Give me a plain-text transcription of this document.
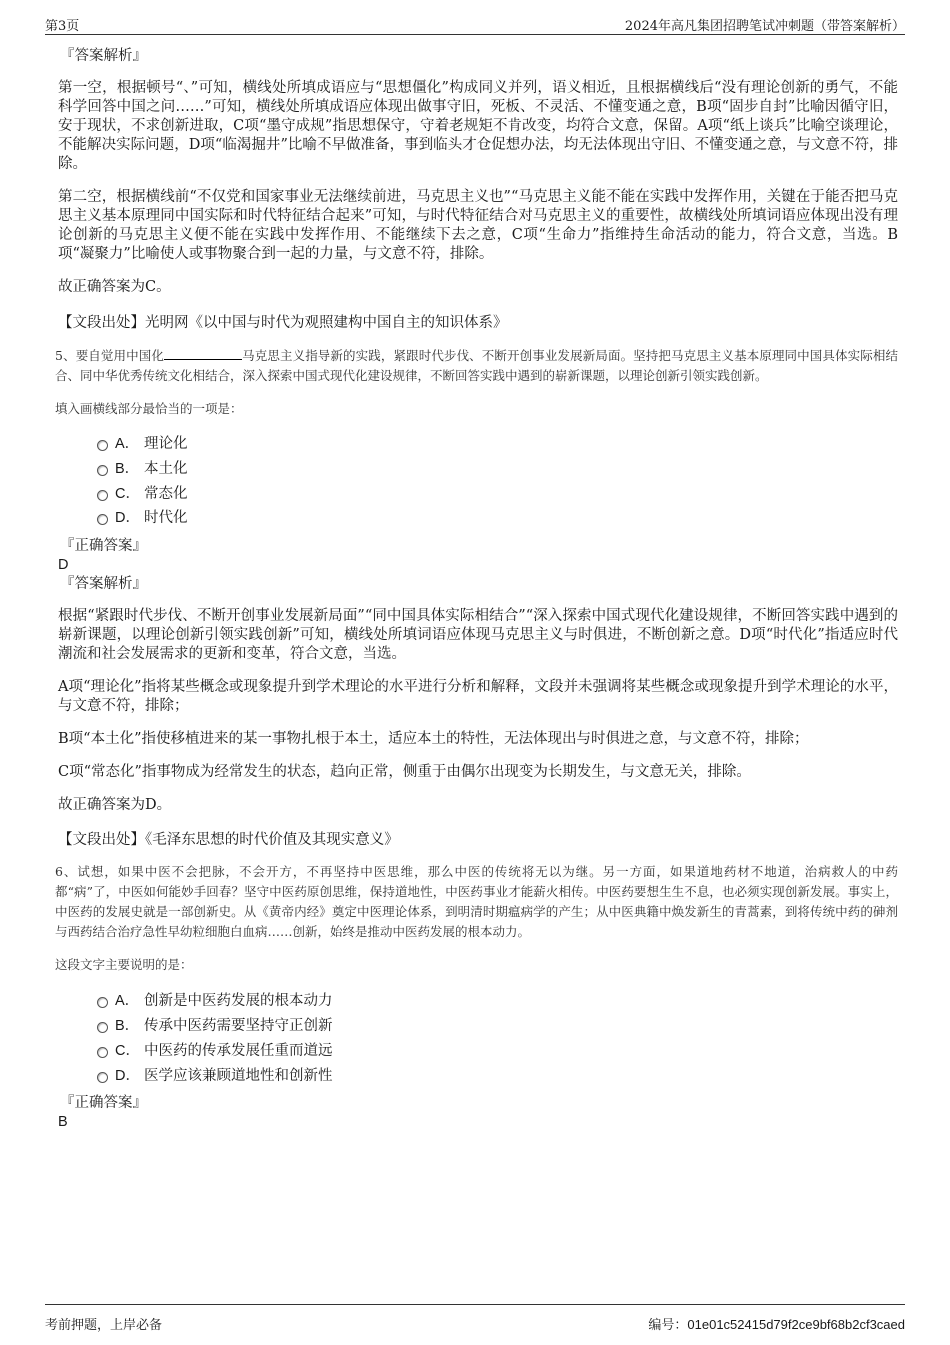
第3页	2024年高凡集团招聘笔试冲刺题（带答案解析）
『答案解析』

第一空，根据顿号“、”可知，横线处所填成语应与“思想僵化”构成同义并列，语义相近，且根据横线后“没有理论创新的勇气，不能科学回答中国之问……”可知，横线处所填成语应体现出做事守旧，死板、不灵活、不懂变通之意，B项“固步自封”比喻因循守旧，安于现状，不求创新进取，C项“墨守成规”指思想保守，守着老规矩不肯改变，均符合文意，保留。A项“纸上谈兵”比喻空谈理论，不能解决实际问题，D项“临渴掘井”比喻不早做准备，事到临头才仓促想办法，均无法体现出守旧、不懂变通之意，与文意不符，排除。

第二空，根据横线前“不仅党和国家事业无法继续前进，马克思主义也”“马克思主义能不能在实践中发挥作用，关键在于能否把马克思主义基本原理同中国实际和时代特征结合起来”可知，与时代特征结合对马克思主义的重要性，故横线处所填词语应体现出没有理论创新的马克思主义便不能在实践中发挥作用、不能继续下去之意，C项“生命力”指维持生命活动的能力，符合文意，当选。B项“凝聚力”比喻使人或事物聚合到一起的力量，与文意不符，排除。

故正确答案为C。

【文段出处】光明网《以中国与时代为观照建构中国自主的知识体系》

5、要自觉用中国化	马克思主义指导新的实践，紧跟时代步伐、不断开创事业发展新局面。坚持把马克思主义基本原理同中国具体实际相结合、同中华优秀传统文化相结合，深入探索中国式现代化建设规律，不断回答实践中遇到的崭新课题，以理论创新引领实践创新。

填入画横线部分最恰当的一项是：

A． 理论化
B． 本土化
C． 常态化
D． 时代化
『正确答案』
D
『答案解析』

根据“紧跟时代步伐、不断开创事业发展新局面”“同中国具体实际相结合”“深入探索中国式现代化建设规律，不断回答实践中遇到的崭新课题，以理论创新引领实践创新”可知，横线处所填词语应体现马克思主义与时俱进，不断创新之意。D项“时代化”指适应时代潮流和社会发展需求的更新和变革，符合文意，当选。

A项“理论化”指将某些概念或现象提升到学术理论的水平进行分析和解释，文段并未强调将某些概念或现象提升到学术理论的水平，与文意不符，排除；

B项“本土化”指使移植进来的某一事物扎根于本土，适应本土的特性，无法体现出与时俱进之意，与文意不符，排除；

C项“常态化”指事物成为经常发生的状态，趋向正常，侧重于由偶尔出现变为长期发生，与文意无关，排除。

故正确答案为D。

【文段出处】《毛泽东思想的时代价值及其现实意义》

6、试想，如果中医不会把脉，不会开方，不再坚持中医思维，那么中医的传统将无以为继。另一方面，如果道地药材不地道，治病救人的中药都“病”了，中医如何能妙手回春？坚守中医药原创思维，保持道地性，中医药事业才能薪火相传。中医药要想生生不息，也必须实现创新发展。事实上，中医药的发展史就是一部创新史。从《黄帝内经》奠定中医理论体系，到明清时期瘟病学的产生；从中医典籍中焕发新生的青蒿素，到将传统中药的砷剂与西药结合治疗急性早幼粒细胞白血病……创新，始终是推动中医药发展的根本动力。

这段文字主要说明的是：

A． 创新是中医药发展的根本动力
B． 传承中医药需要坚持守正创新
C． 中医药的传承发展任重而道远
D． 医学应该兼顾道地性和创新性
『正确答案』
B
考前押题，上岸必备	编号：01e01c52415d79f2ce9bf68b2cf3caed
